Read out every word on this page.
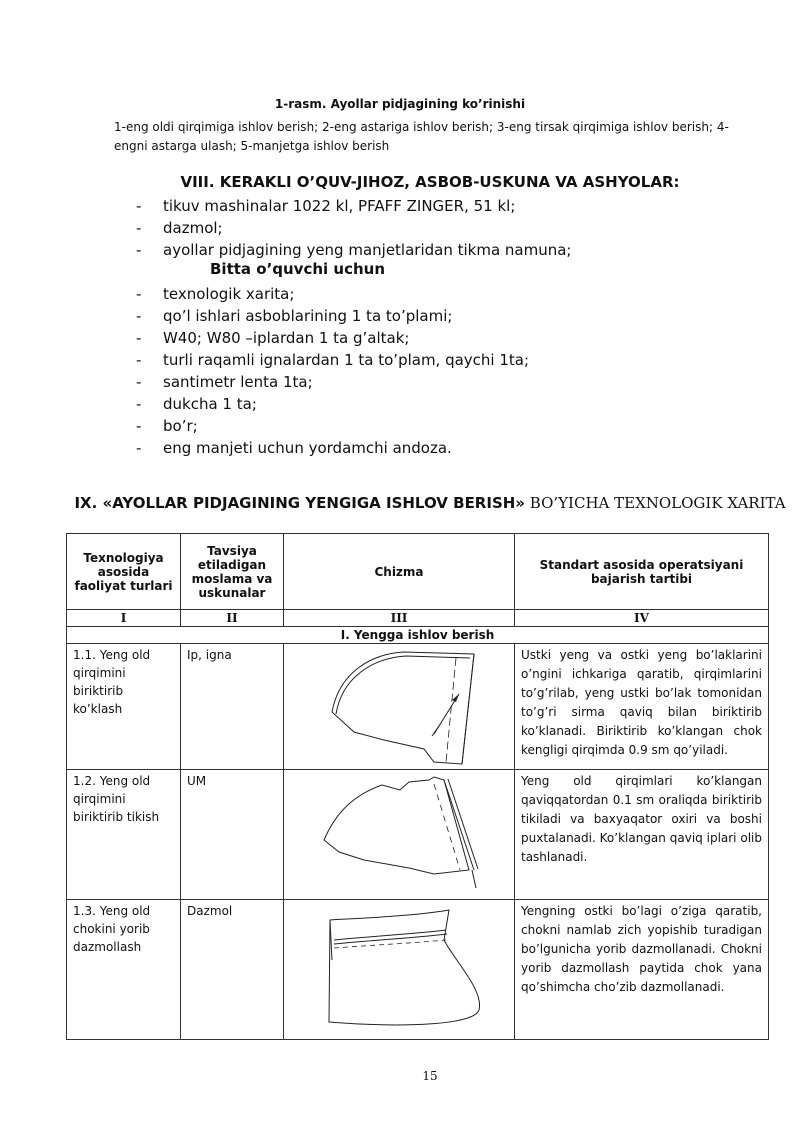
1-rasm. Ayollar pidjagining ko’rinishi
1-eng oldi qirqimiga ishlov berish; 2-eng astariga ishlov berish; 3-eng tirsak qirqimiga ishlov berish; 4-engni astarga ulash; 5-manjetga ishlov berish
VIII. KERAKLI O’QUV-JIHOZ, ASBOB-USKUNA VA ASHYOLAR:
-	tikuv mashinalar 1022 kl, PFAFF ZINGER, 51 kl;
-	dazmol;
-	ayollar pidjagining yeng manjetlaridan tikma namuna;
-	texnologik xarita;
-	qo’l ishlari asboblarining 1 ta to’plami;
-	W40; W80 –iplardan 1 ta g’altak;
-	turli raqamli ignalardan 1 ta to’plam, qaychi 1ta;
-	santimetr lenta 1ta;
-	dukcha 1 ta;
-	bo’r;
-	eng manjeti uchun yordamchi andoza.
Bitta o’quvchi uchun
IX. «AYOLLAR PIDJAGINING YENGIGA ISHLOV BERISH» BO’YICHA TEXNOLOGIK XARITA
Texnologiya asosida faoliyat turlari	Tavsiya etiladigan moslama va uskunalar	Chizma	Standart asosida operatsiyani bajarish tartibi
I	II	III	IV
I. Yengga ishlov berish			
1.1. Yeng old qirqimini biriktirib ko’klash	Ip, igna		Ustki yeng va ostki yeng bo’laklarini o’ngini ichkariga qaratib, qirqimlarini to’g’rilab, yeng ustki bo’lak tomonidan to’g’ri sirma qaviq bilan biriktirib ko’klanadi. Biriktirib ko’klangan chok kengligi qirqimda 0.9 sm qo’yiladi.
1.2. Yeng old qirqimini biriktirib tikish	UM		Yeng old qirqimlari ko’klangan qaviqqatordan 0.1 sm oraliqda biriktirib tikiladi va baxyaqator oxiri va boshi puxtalanadi. Ko’klangan qaviq iplari olib tashlanadi.
1.3. Yeng old chokini yorib dazmollash	Dazmol		Yengning ostki bo’lagi o’ziga qaratib, chokni namlab zich yopishib turadigan bo’lgunicha yorib dazmollanadi. Chokni yorib dazmollash paytida chok yana qo’shimcha cho’zib dazmollanadi.
15
